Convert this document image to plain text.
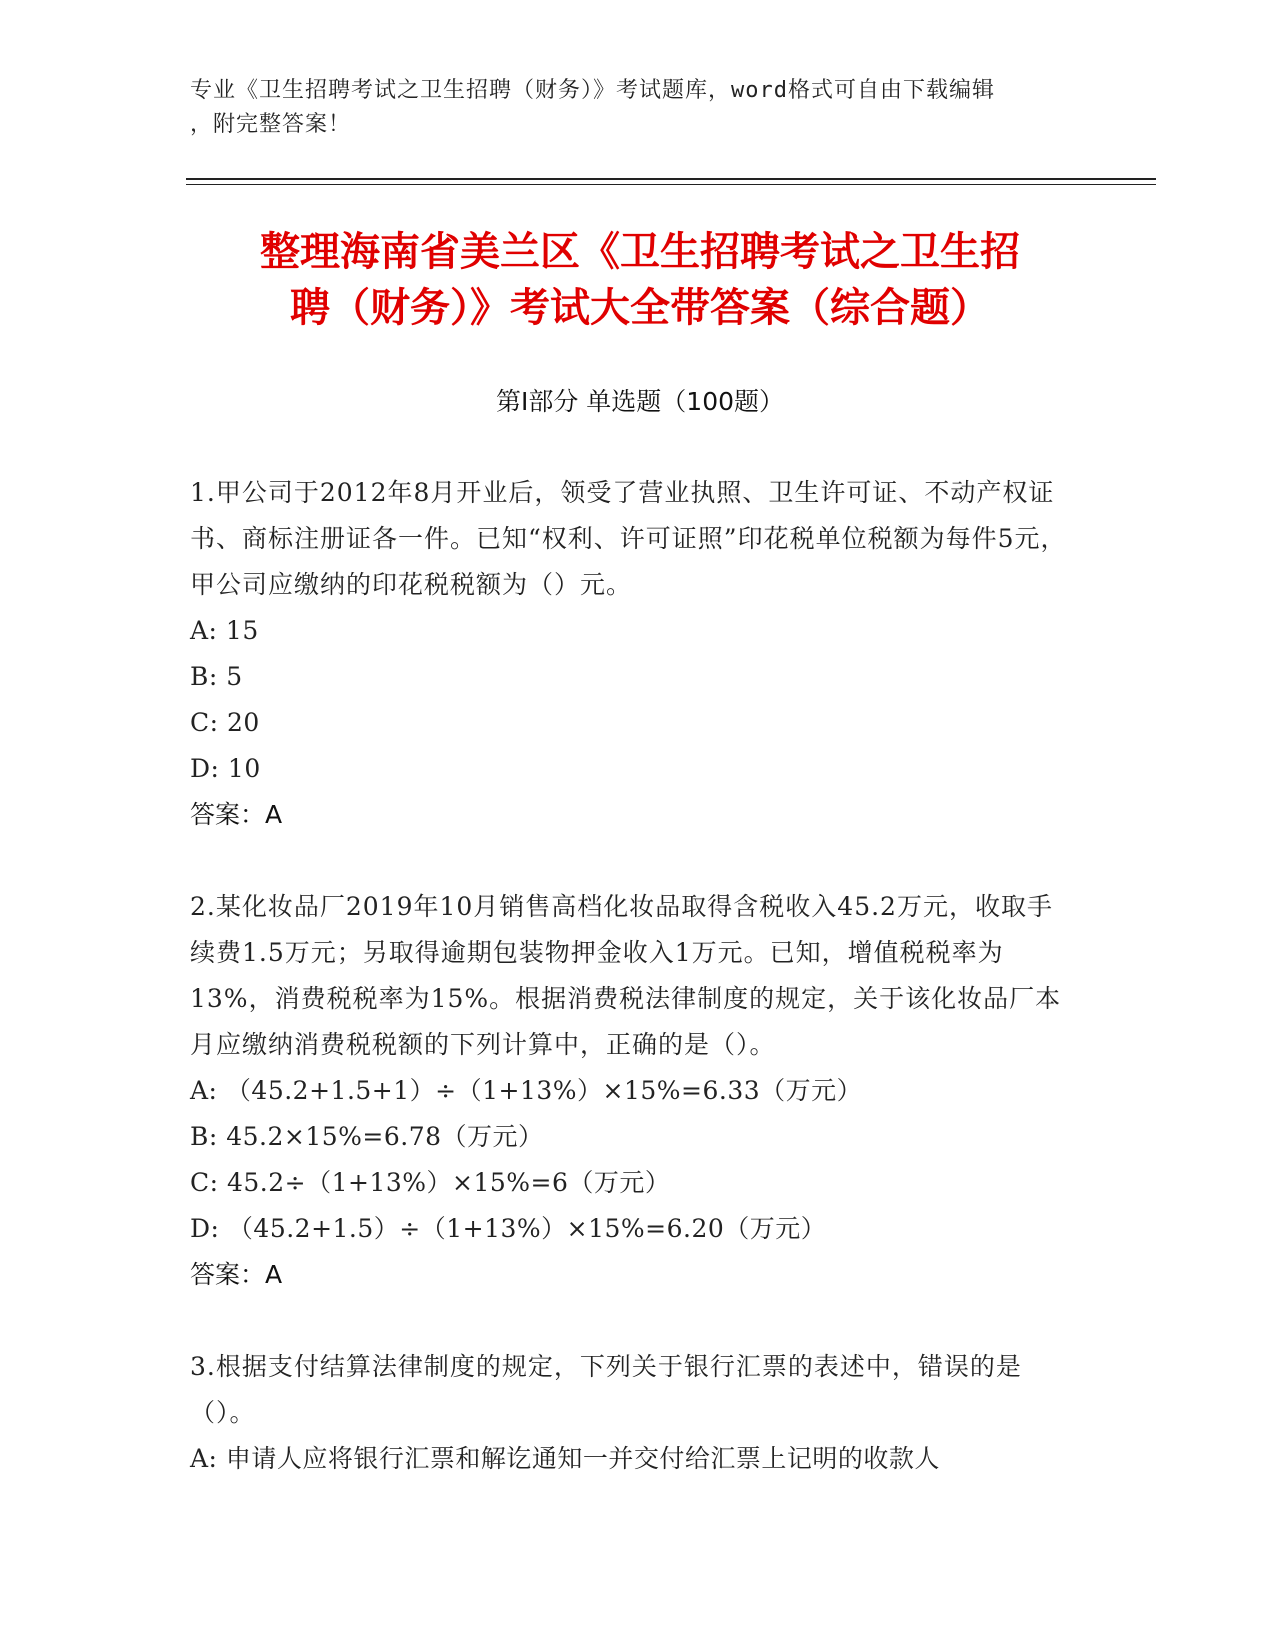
专业《卫生招聘考试之卫生招聘（财务）》考试题库，word格式可自由下载编辑
，附完整答案！
整理海南省美兰区《卫生招聘考试之卫生招
聘（财务）》考试大全带答案（综合题）
第Ⅰ部分 单选题（100题）
1.甲公司于2012年8月开业后，领受了营业执照、卫生许可证、不动产权证书、商标注册证各一件。已知“权利、许可证照”印花税单位税额为每件5元，甲公司应缴纳的印花税税额为（）元。
A: 15
B: 5
C: 20
D: 10
答案：A
2.某化妆品厂2019年10月销售高档化妆品取得含税收入45.2万元，收取手续费1.5万元；另取得逾期包装物押金收入1万元。已知，增值税税率为13%，消费税税率为15%。根据消费税法律制度的规定，关于该化妆品厂本月应缴纳消费税税额的下列计算中，正确的是（）。
A: （45.2+1.5+1）÷（1+13%）×15%=6.33（万元）
B: 45.2×15%=6.78（万元）
C: 45.2÷（1+13%）×15%=6（万元）
D: （45.2+1.5）÷（1+13%）×15%=6.20（万元）
答案：A
3.根据支付结算法律制度的规定，下列关于银行汇票的表述中，错误的是（）。
A: 申请人应将银行汇票和解讫通知一并交付给汇票上记明的收款人
